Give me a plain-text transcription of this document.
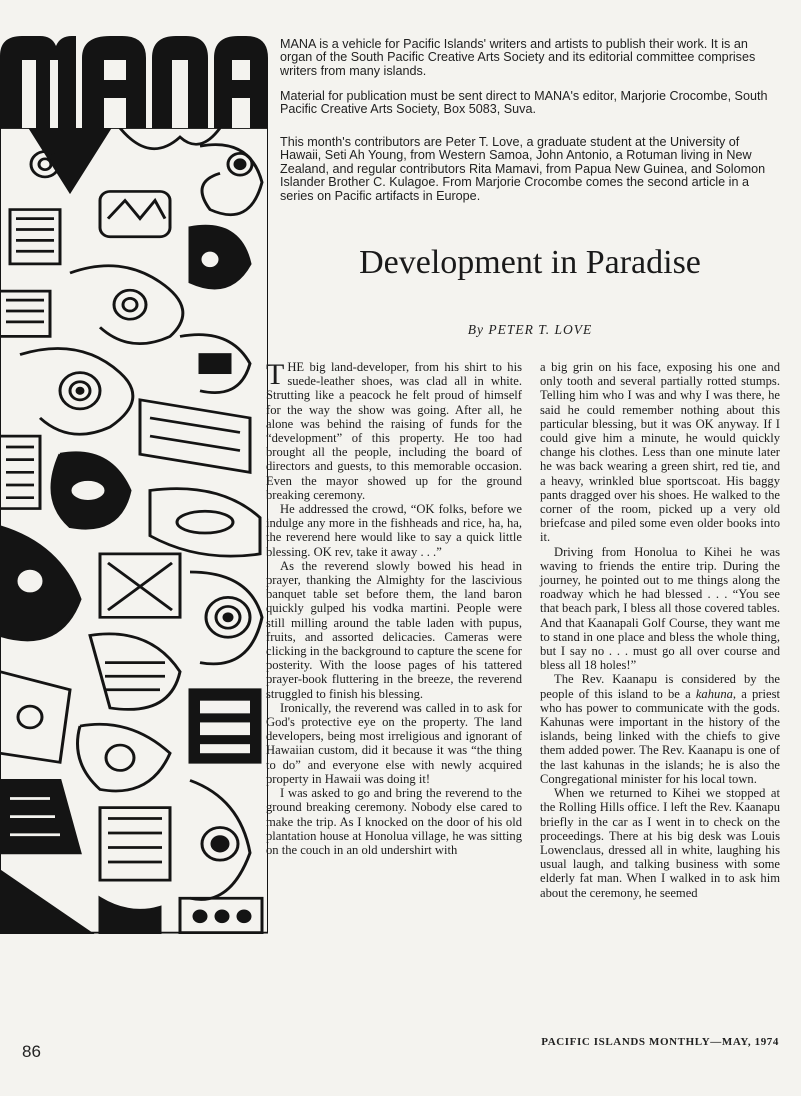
MANA is a vehicle for Pacific Islands' writers and artists to publish their work. It is an organ of the South Pacific Creative Arts Society and its editorial committee comprises writers from many islands.

Material for publication must be sent direct to MANA's editor, Marjorie Crocombe, South Pacific Creative Arts Society, Box 5083, Suva.

This month's contributors are Peter T. Love, a graduate student at the University of Hawaii, Seti Ah Young, from Western Samoa, John Antonio, a Rotuman living in New Zealand, and regular contributors Rita Mamavi, from Papua New Guinea, and Solomon Islander Brother C. Kulagoe. From Marjorie Crocombe comes the second article in a series on Pacific artifacts in Europe.

Development in Paradise
By PETER T. LOVE

THE big land-developer, from his shirt to his suede-leather shoes, was clad all in white. Strutting like a peacock he felt proud of himself for the way the show was going. After all, he alone was behind the raising of funds for the “development” of this property. He too had brought all the people, including the board of directors and guests, to this memorable occasion. Even the mayor showed up for the ground breaking ceremony.

He addressed the crowd, “OK folks, before we indulge any more in the fishheads and rice, ha, ha, the reverend here would like to say a quick little blessing. OK rev, take it away . . .”

As the reverend slowly bowed his head in prayer, thanking the Almighty for the lascivious banquet table set before them, the land baron quickly gulped his vodka martini. People were still milling around the table laden with pupus, fruits, and assorted delicacies. Cameras were clicking in the background to capture the scene for posterity. With the loose pages of his tattered prayer-book fluttering in the breeze, the reverend struggled to finish his blessing.

Ironically, the reverend was called in to ask for God's protective eye on the property. The land developers, being most irreligious and ignorant of Hawaiian custom, did it because it was “the thing to do” and everyone else with newly acquired property in Hawaii was doing it!

I was asked to go and bring the reverend to the ground breaking ceremony. Nobody else cared to make the trip. As I knocked on the door of his old plantation house at Honolua village, he was sitting on the couch in an old undershirt with

a big grin on his face, exposing his one and only tooth and several partially rotted stumps. Telling him who I was and why I was there, he said he could remember nothing about this particular blessing, but it was OK anyway. If I could give him a minute, he would quickly change his clothes. Less than one minute later he was back wearing a green shirt, red tie, and a heavy, wrinkled blue sportscoat. His baggy pants dragged over his shoes. He walked to the corner of the room, picked up a very old briefcase and piled some even older books into it.

Driving from Honolua to Kihei he was waving to friends the entire trip. During the journey, he pointed out to me things along the roadway which he had blessed . . . “You see that beach park, I bless all those covered tables. And that Kaanapali Golf Course, they want me to stand in one place and bless the whole thing, but I say no . . . must go all over course and bless all 18 holes!”

The Rev. Kaanapu is considered by the people of this island to be a kahuna, a priest who has power to communicate with the gods. Kahunas were important in the history of the islands, being linked with the chiefs to give them added power. The Rev. Kaanapu is one of the last kahunas in the islands; he is also the Congregational minister for his local town.

When we returned to Kihei we stopped at the Rolling Hills office. I left the Rev. Kaanapu briefly in the car as I went in to check on the proceedings. There at his big desk was Louis Lowenclaus, dressed all in white, laughing his usual laugh, and talking business with some elderly fat man. When I walked in to ask him about the ceremony, he seemed

86	PACIFIC ISLANDS MONTHLY—MAY, 1974
